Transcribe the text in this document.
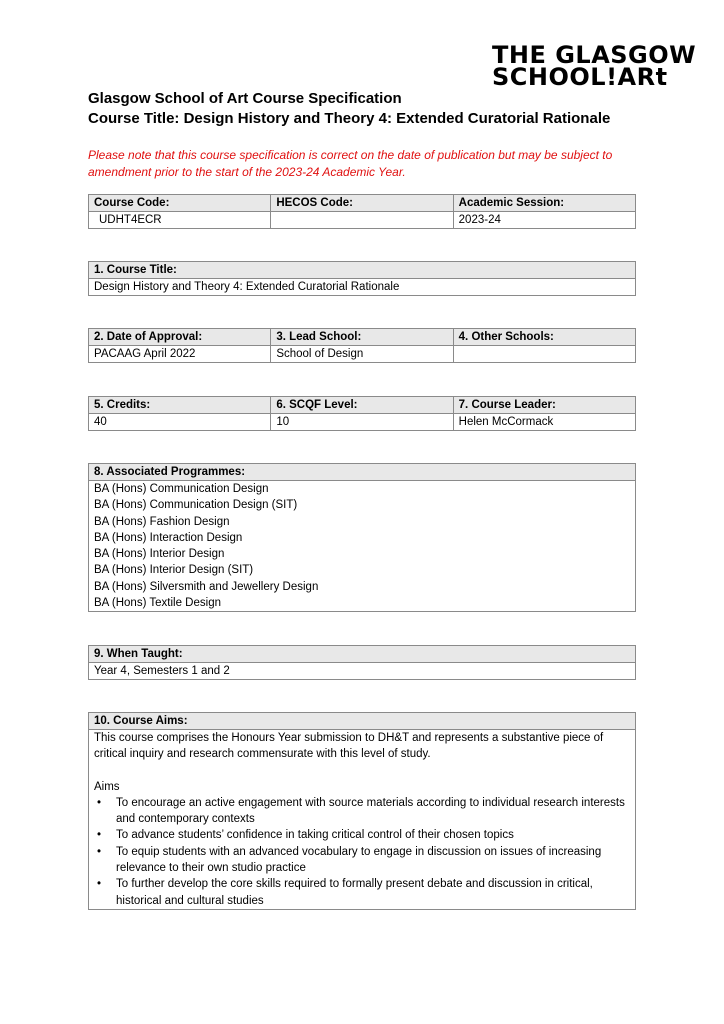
THE GLASGOW
SCHOOL!ARt
Glasgow School of Art Course Specification
Course Title: Design History and Theory 4: Extended Curatorial Rationale
Please note that this course specification is correct on the date of publication but may be subject to amendment prior to the start of the 2023-24 Academic Year.
Course Code:	HECOS Code:	Academic Session:
UDHT4ECR		2023-24
1. Course Title:
Design History and Theory 4: Extended Curatorial Rationale
2. Date of Approval:	3. Lead School:	4. Other Schools:
PACAAG April 2022	School of Design	
5. Credits:	6. SCQF Level:	7. Course Leader:
40	10	Helen McCormack
8. Associated Programmes:

BA (Hons) Communication Design
BA (Hons) Communication Design (SIT)
BA (Hons) Fashion Design
BA (Hons) Interaction Design
BA (Hons) Interior Design
BA (Hons) Interior Design (SIT)
BA (Hons) Silversmith and Jewellery Design
BA (Hons) Textile Design
9. When Taught:
Year 4, Semesters 1 and 2
10. Course Aims:

This course comprises the Honours Year submission to DH&T and represents a substantive piece of critical inquiry and research commensurate with this level of study.
Aims
• To encourage an active engagement with source materials according to individual research interests and contemporary contexts
• To advance students’ confidence in taking critical control of their chosen topics
• To equip students with an advanced vocabulary to engage in discussion on issues of increasing relevance to their own studio practice
• To further develop the core skills required to formally present debate and discussion in critical, historical and cultural studies
